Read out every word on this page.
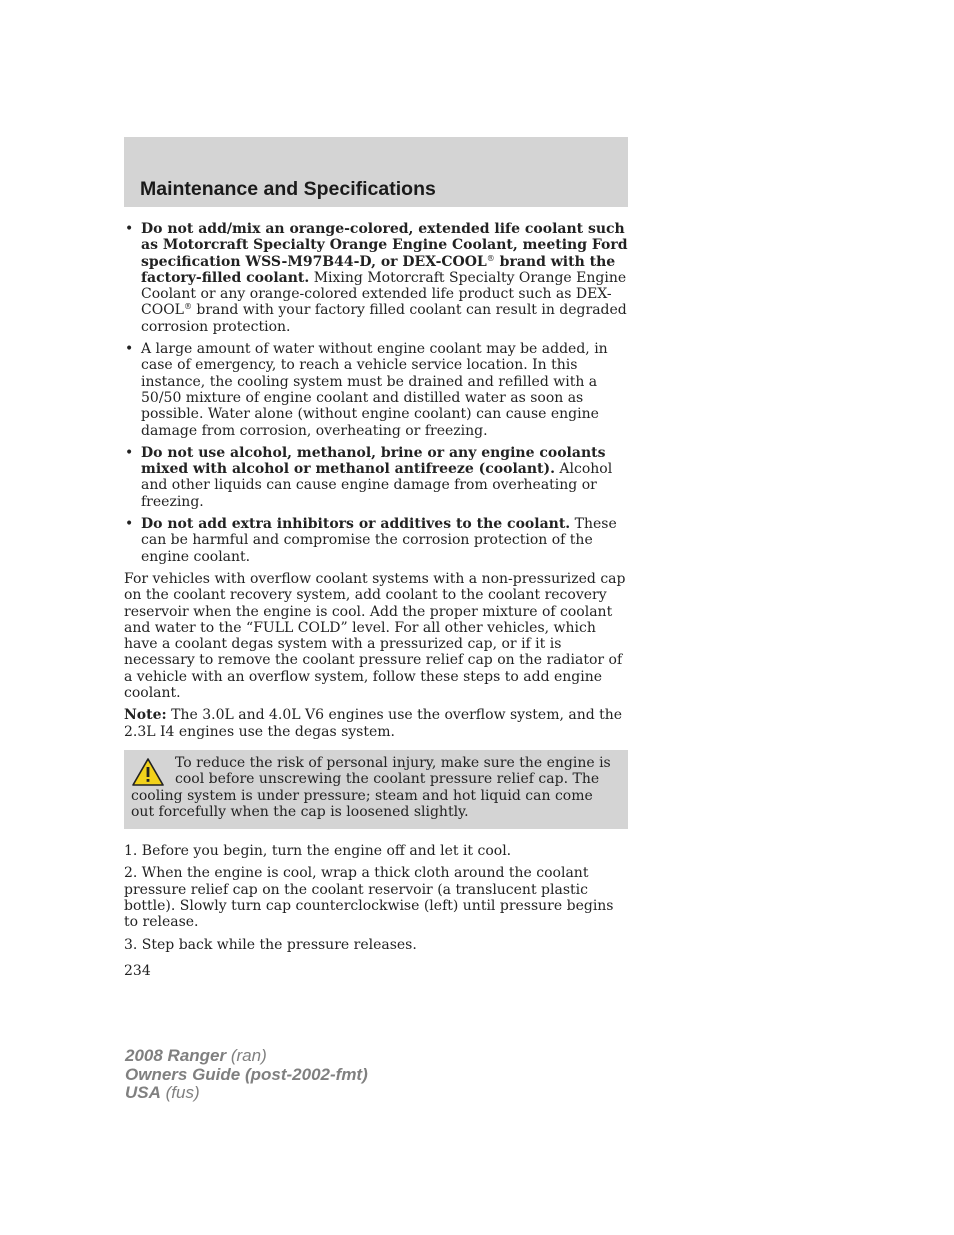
Maintenance and Specifications
• Do not add/mix an orange-colored, extended life coolant such as Motorcraft Specialty Orange Engine Coolant, meeting Ford specification WSS-M97B44-D, or DEX-COOL® brand with the factory-filled coolant. Mixing Motorcraft Specialty Orange Engine Coolant or any orange-colored extended life product such as DEX-COOL® brand with your factory filled coolant can result in degraded corrosion protection.
• A large amount of water without engine coolant may be added, in case of emergency, to reach a vehicle service location. In this instance, the cooling system must be drained and refilled with a 50/50 mixture of engine coolant and distilled water as soon as possible. Water alone (without engine coolant) can cause engine damage from corrosion, overheating or freezing.
• Do not use alcohol, methanol, brine or any engine coolants mixed with alcohol or methanol antifreeze (coolant). Alcohol and other liquids can cause engine damage from overheating or freezing.
• Do not add extra inhibitors or additives to the coolant. These can be harmful and compromise the corrosion protection of the engine coolant.

For vehicles with overflow coolant systems with a non-pressurized cap on the coolant recovery system, add coolant to the coolant recovery reservoir when the engine is cool. Add the proper mixture of coolant and water to the “FULL COLD” level. For all other vehicles, which have a coolant degas system with a pressurized cap, or if it is necessary to remove the coolant pressure relief cap on the radiator of a vehicle with an overflow system, follow these steps to add engine coolant.

Note: The 3.0L and 4.0L V6 engines use the overflow system, and the 2.3L I4 engines use the degas system.

To reduce the risk of personal injury, make sure the engine is cool before unscrewing the coolant pressure relief cap. The cooling system is under pressure; steam and hot liquid can come out forcefully when the cap is loosened slightly.

1. Before you begin, turn the engine off and let it cool.

2. When the engine is cool, wrap a thick cloth around the coolant pressure relief cap on the coolant reservoir (a translucent plastic bottle). Slowly turn cap counterclockwise (left) until pressure begins to release.

3. Step back while the pressure releases.

234
2008 Ranger (ran)
Owners Guide (post-2002-fmt)
USA (fus)
